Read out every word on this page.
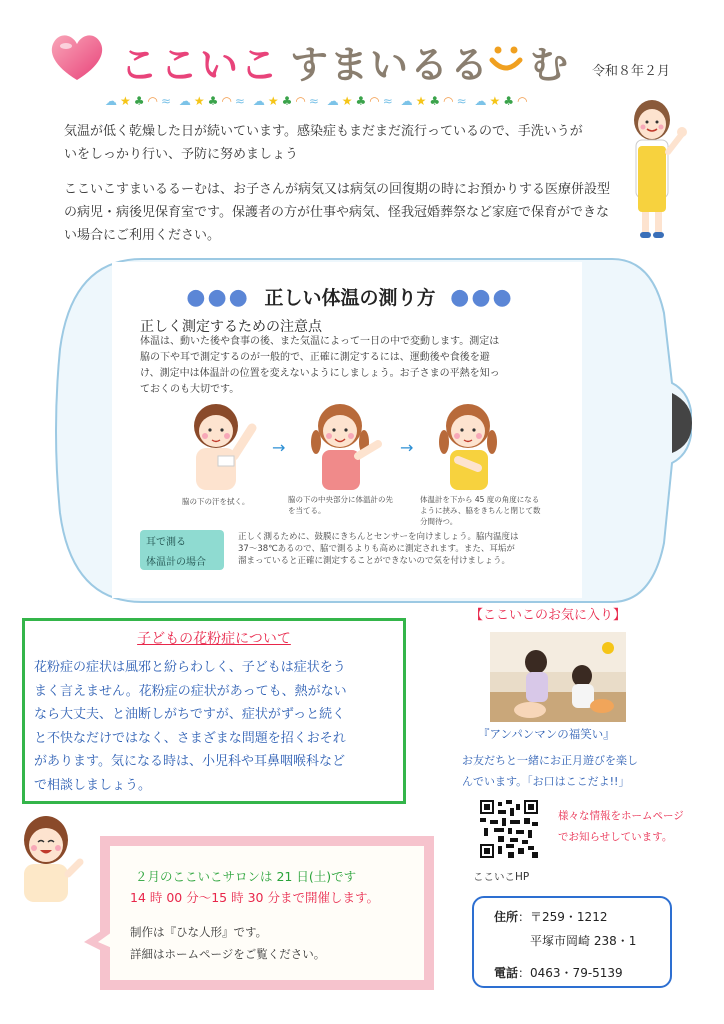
ここいこ すまいるる む 令和８年２月
☁ ★ ♣ ◠ ≈ ☁ ★ ♣ ◠ ≈ ☁ ★ ♣ ◠ ≈ ☁ ★ ♣ ◠ ≈ ☁ ★ ♣ ◠ ≈ ☁ ★ ♣ ◠
気温が低く乾燥した日が続いています。感染症もまだまだ流行っているので、手洗いうが
いをしっかり行い、予防に努めましょう
ここいこすまいるるーむは、お子さんが病気又は病気の回復期の時にお預かりする医療併設型
の病児・病後児保育室です。保護者の方が仕事や病気、怪我冠婚葬祭など家庭で保育ができな
い場合にご利用ください。
●●● 正しい体温の測り方 ●●●
正しく測定するための注意点
体温は、動いた後や食事の後、また気温によって一日の中で変動します。測定は
脇の下や耳で測定するのが一般的で、正確に測定するには、運動後や食後を避
け、測定中は体温計の位置を変えないようにしましょう。お子さまの平熱を知っ
ておくのも大切です。
→	→
脇の下の汗を拭く。	脇の下の中央部分に体温計の先
を当てる。
体温計を下から 45 度の角度になる
ように挟み、脇をきちんと閉じて数
分間待つ。
耳で測る
体温計の場合
正しく測るために、鼓膜にきちんとセンサーを向けましょう。脇内温度は
37～38℃あるので、脇で測るよりも高めに測定されます。また、耳垢が
溜まっていると正確に測定することができないので気を付けましょう。
子どもの花粉症について
花粉症の症状は風邪と紛らわしく、子どもは症状をう
まく言えません。花粉症の症状があっても、熱がない
なら大丈夫、と油断しがちですが、症状がずっと続く
と不快なだけではなく、さまざまな問題を招くおそれ
があります。気になる時は、小児科や耳鼻咽喉科など
で相談しましょう。
【ここいこのお気に入り】
『アンパンマンの福笑い』
お友だちと一緒にお正月遊びを楽し
んでいます。「お口はここだよ!!」
様々な情報をホームページ
でお知らせしています。
ここいこHP
住所：〒259・1212
平塚市岡崎 238・1
電話：0463・79-5139
２月のここいこサロンは 21 日(土)です
14 時 00 分～15 時 30 分まで開催します。
制作は『ひな人形』です。
詳細はホームページをご覧ください。
